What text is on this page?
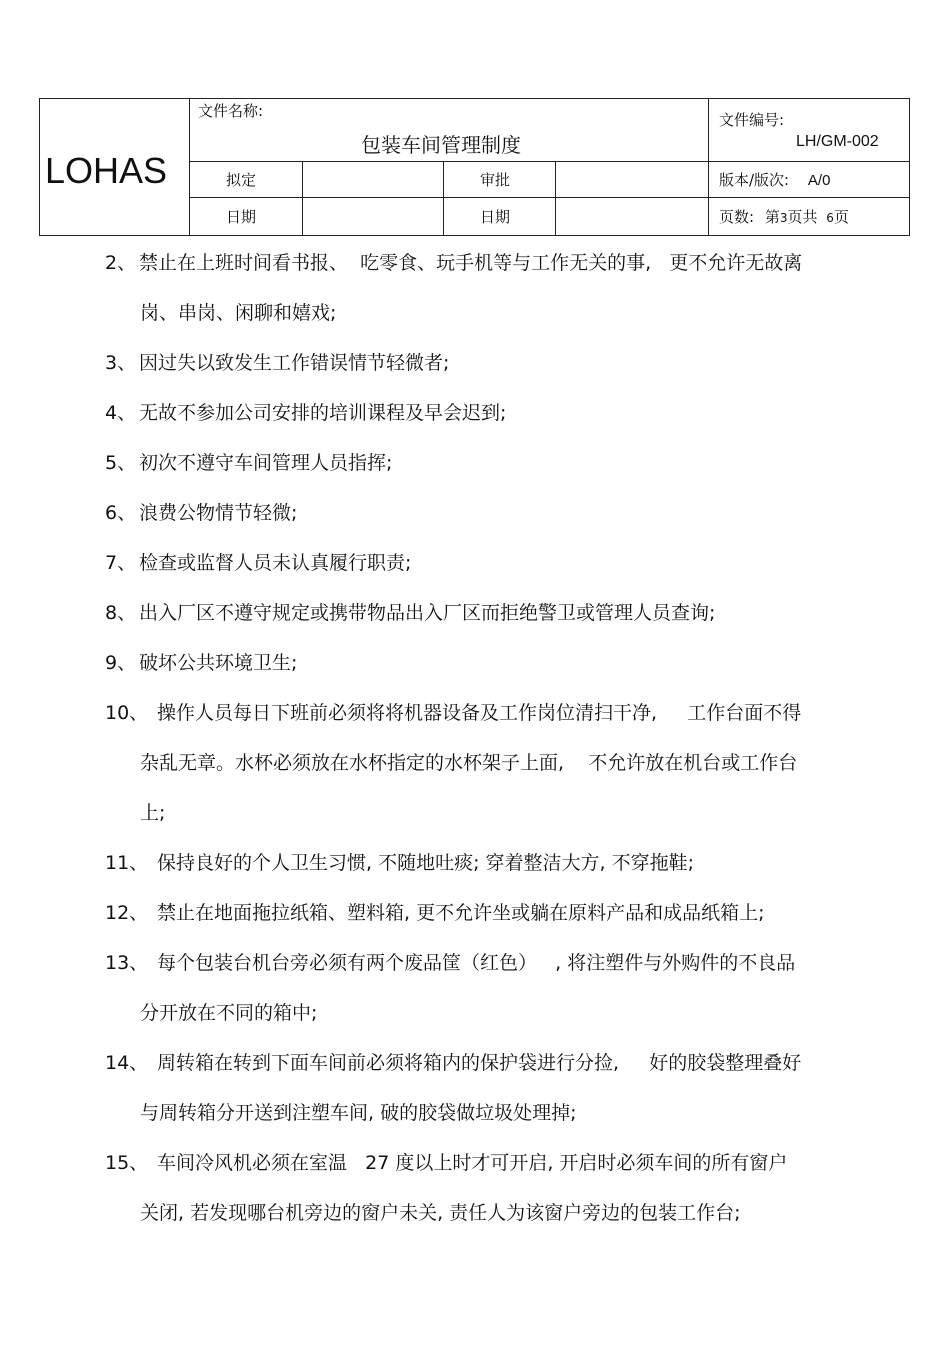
LOHAS
文件名称:
包装车间管理制度
文件编号:
LH/GM-002
拟定	审批	版本/版次: A/0
日期	日期	页数: 第3页共 6页
2、 禁止在上班时间看书报、  吃零食、玩手机等与工作无关的事,   更不允许无故离
岗、串岗、闲聊和嬉戏;
3、 因过失以致发生工作错误情节轻微者;
4、 无故不参加公司安排的培训课程及早会迟到;
5、 初次不遵守车间管理人员指挥;
6、 浪费公物情节轻微;
7、 检查或监督人员未认真履行职责;
8、 出入厂区不遵守规定或携带物品出入厂区而拒绝警卫或管理人员查询;
9、 破坏公共环境卫生;
10、 操作人员每日下班前必须将将机器设备及工作岗位清扫干净,     工作台面不得
杂乱无章。水杯必须放在水杯指定的水杯架子上面,    不允许放在机台或工作台
上;
11、 保持良好的个人卫生习惯, 不随地吐痰; 穿着整洁大方, 不穿拖鞋;
12、 禁止在地面拖拉纸箱、塑料箱, 更不允许坐或躺在原料产品和成品纸箱上;
13、 每个包装台机台旁必须有两个废品筐（红色）   , 将注塑件与外购件的不良品
分开放在不同的箱中;
14、 周转箱在转到下面车间前必须将箱内的保护袋进行分捡,     好的胶袋整理叠好
与周转箱分开送到注塑车间, 破的胶袋做垃圾处理掉;
15、 车间冷风机必须在室温   27 度以上时才可开启, 开启时必须车间的所有窗户
关闭, 若发现哪台机旁边的窗户未关, 责任人为该窗户旁边的包装工作台;
